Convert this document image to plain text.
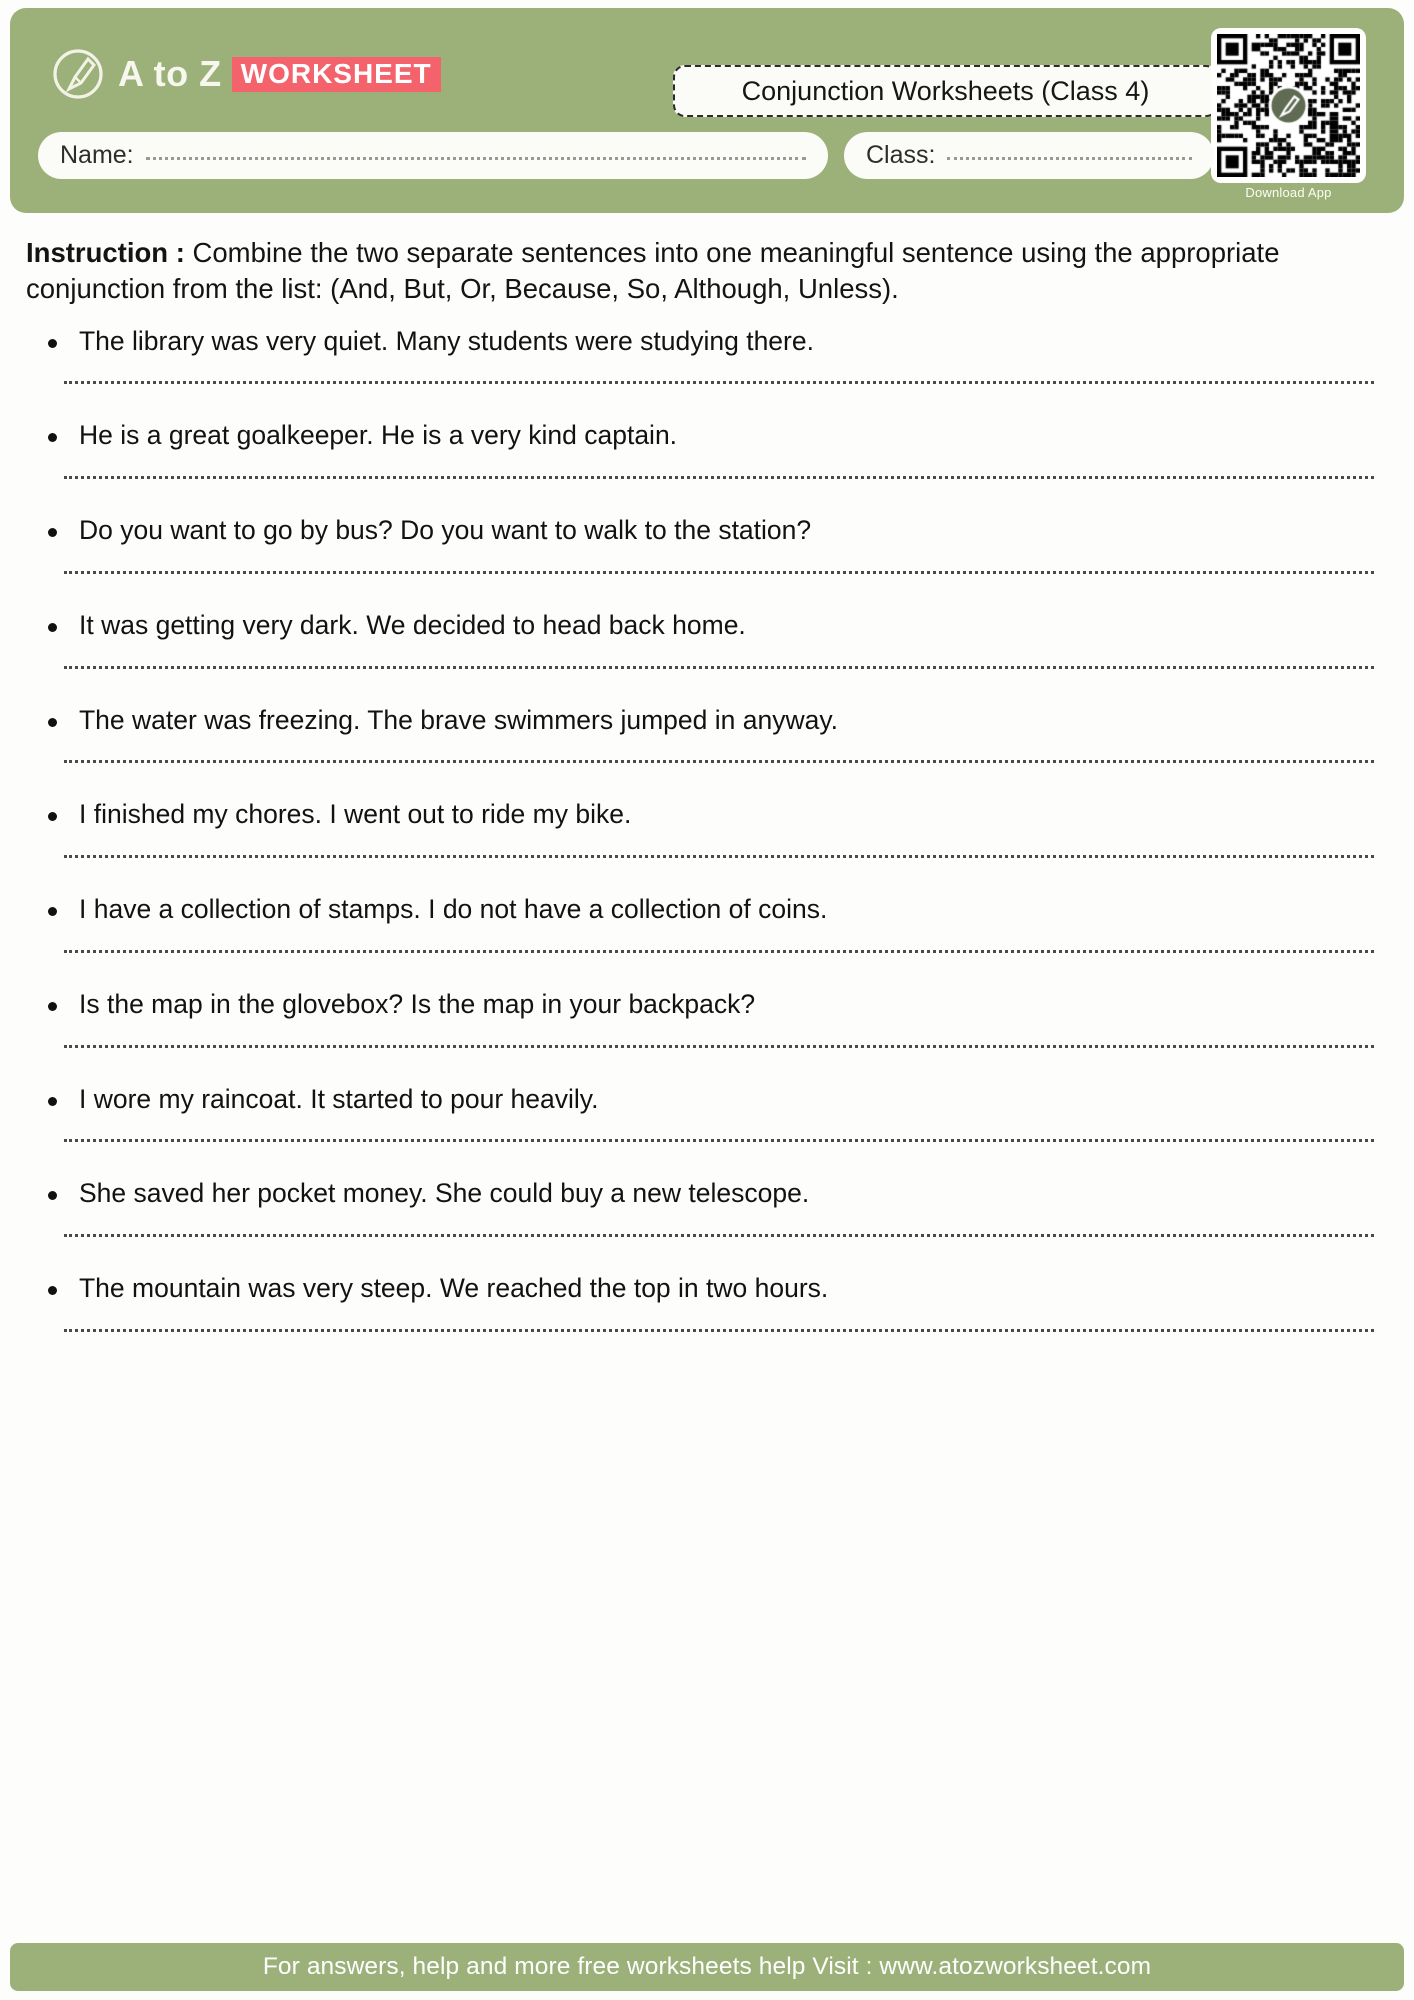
A to Z WORKSHEET
Conjunction Worksheets (Class 4)
Download App
Name:	Class:

Instruction : Combine the two separate sentences into one meaningful sentence using the appropriate conjunction from the list: (And, But, Or, Because, So, Although, Unless).

The library was very quiet. Many students were studying there.
He is a great goalkeeper. He is a very kind captain.
Do you want to go by bus? Do you want to walk to the station?
It was getting very dark. We decided to head back home.
The water was freezing. The brave swimmers jumped in anyway.
I finished my chores. I went out to ride my bike.
I have a collection of stamps. I do not have a collection of coins.
Is the map in the glovebox? Is the map in your backpack?
I wore my raincoat. It started to pour heavily.
She saved her pocket money. She could buy a new telescope.
The mountain was very steep. We reached the top in two hours.
For answers, help and more free worksheets help Visit : www.atozworksheet.com
